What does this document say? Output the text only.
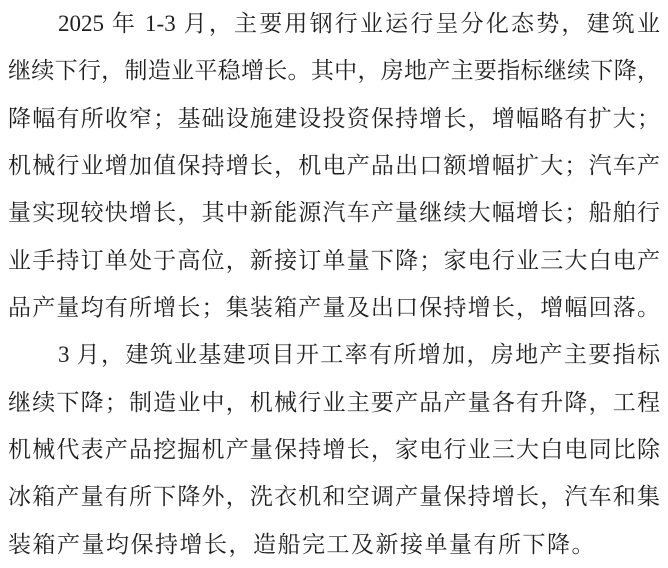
2025 年 1-3 月，主要用钢行业运行呈分化态势，建筑业
继续下行，制造业平稳增长。其中，房地产主要指标继续下降，
降幅有所收窄；基础设施建设投资保持增长，增幅略有扩大；
机械行业增加值保持增长，机电产品出口额增幅扩大；汽车产
量实现较快增长，其中新能源汽车产量继续大幅增长；船舶行
业手持订单处于高位，新接订单量下降；家电行业三大白电产
品产量均有所增长；集装箱产量及出口保持增长，增幅回落。
3 月，建筑业基建项目开工率有所增加，房地产主要指标
继续下降；制造业中，机械行业主要产品产量各有升降，工程
机械代表产品挖掘机产量保持增长，家电行业三大白电同比除
冰箱产量有所下降外，洗衣机和空调产量保持增长，汽车和集
装箱产量均保持增长，造船完工及新接单量有所下降。
